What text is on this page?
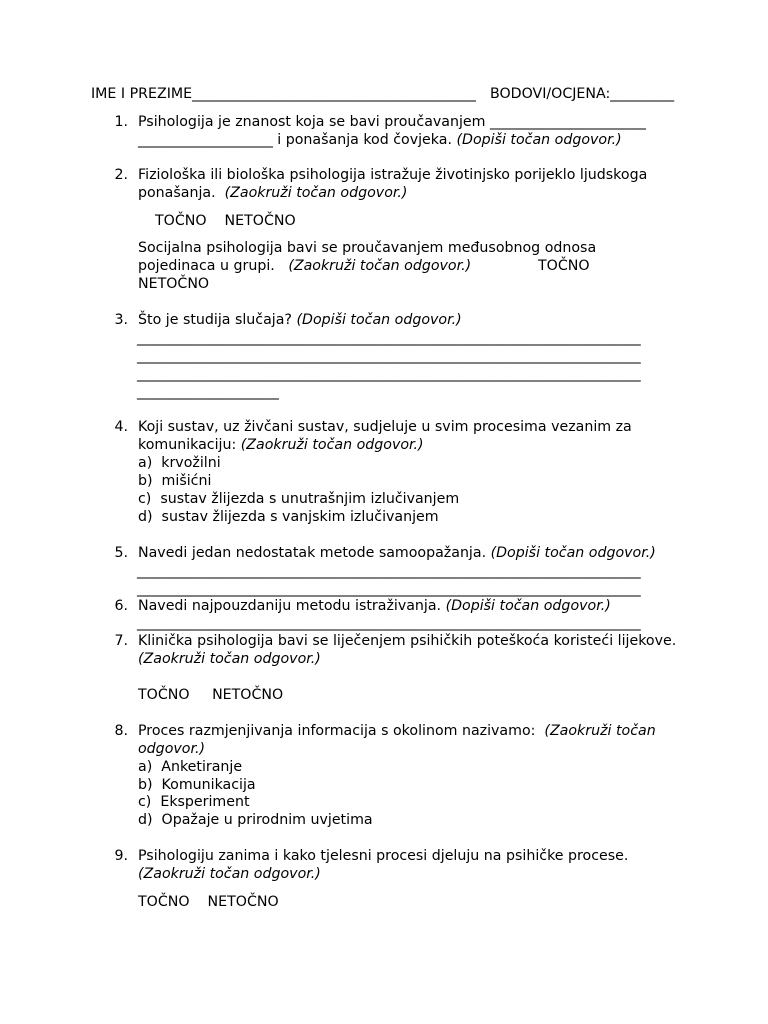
IME I PREZIME________________________________________ BODOVI/OCJENA:_________
1. Psihologija je znanost koja se bavi proučavanjem ______________________
___________________ i ponašanja kod čovjeka. (Dopiši točan odgovor.)
2. Fiziološka ili biološka psihologija istražuje životinjsko porijeklo ljudskoga
ponašanja.  (Zaokruži točan odgovor.)
TOČNO    NETOČNO
Socijalna psihologija bavi se proučavanjem međusobnog odnosa
pojedinaca u grupi.   (Zaokruži točan odgovor.)	TOČNO
NETOČNO
3. Što je studija slučaja? (Dopiši točan odgovor.)
_______________________________________________________________________
_______________________________________________________________________
_______________________________________________________________________
____________________
4. Koji sustav, uz živčani sustav, sudjeluje u svim procesima vezanim za
komunikaciju: (Zaokruži točan odgovor.)
a)  krvožilni
b)  mišićni
c)  sustav žlijezda s unutrašnjim izlučivanjem
d)  sustav žlijezda s vanjskim izlučivanjem
5. Navedi jedan nedostatak metode samoopažanja. (Dopiši točan odgovor.)
_______________________________________________________________________
_______________________________________________________________________
6. Navedi najpouzdaniju metodu istraživanja. (Dopiši točan odgovor.)
_______________________________________________________________________
7. Klinička psihologija bavi se liječenjem psihičkih poteškoća koristeći lijekove.
(Zaokruži točan odgovor.)
TOČNO     NETOČNO
8. Proces razmjenjivanja informacija s okolinom nazivamo:  (Zaokruži točan
odgovor.)
a)  Anketiranje
b)  Komunikacija
c)  Eksperiment
d)  Opažaje u prirodnim uvjetima
9. Psihologiju zanima i kako tjelesni procesi djeluju na psihičke procese.
(Zaokruži točan odgovor.)
TOČNO    NETOČNO
